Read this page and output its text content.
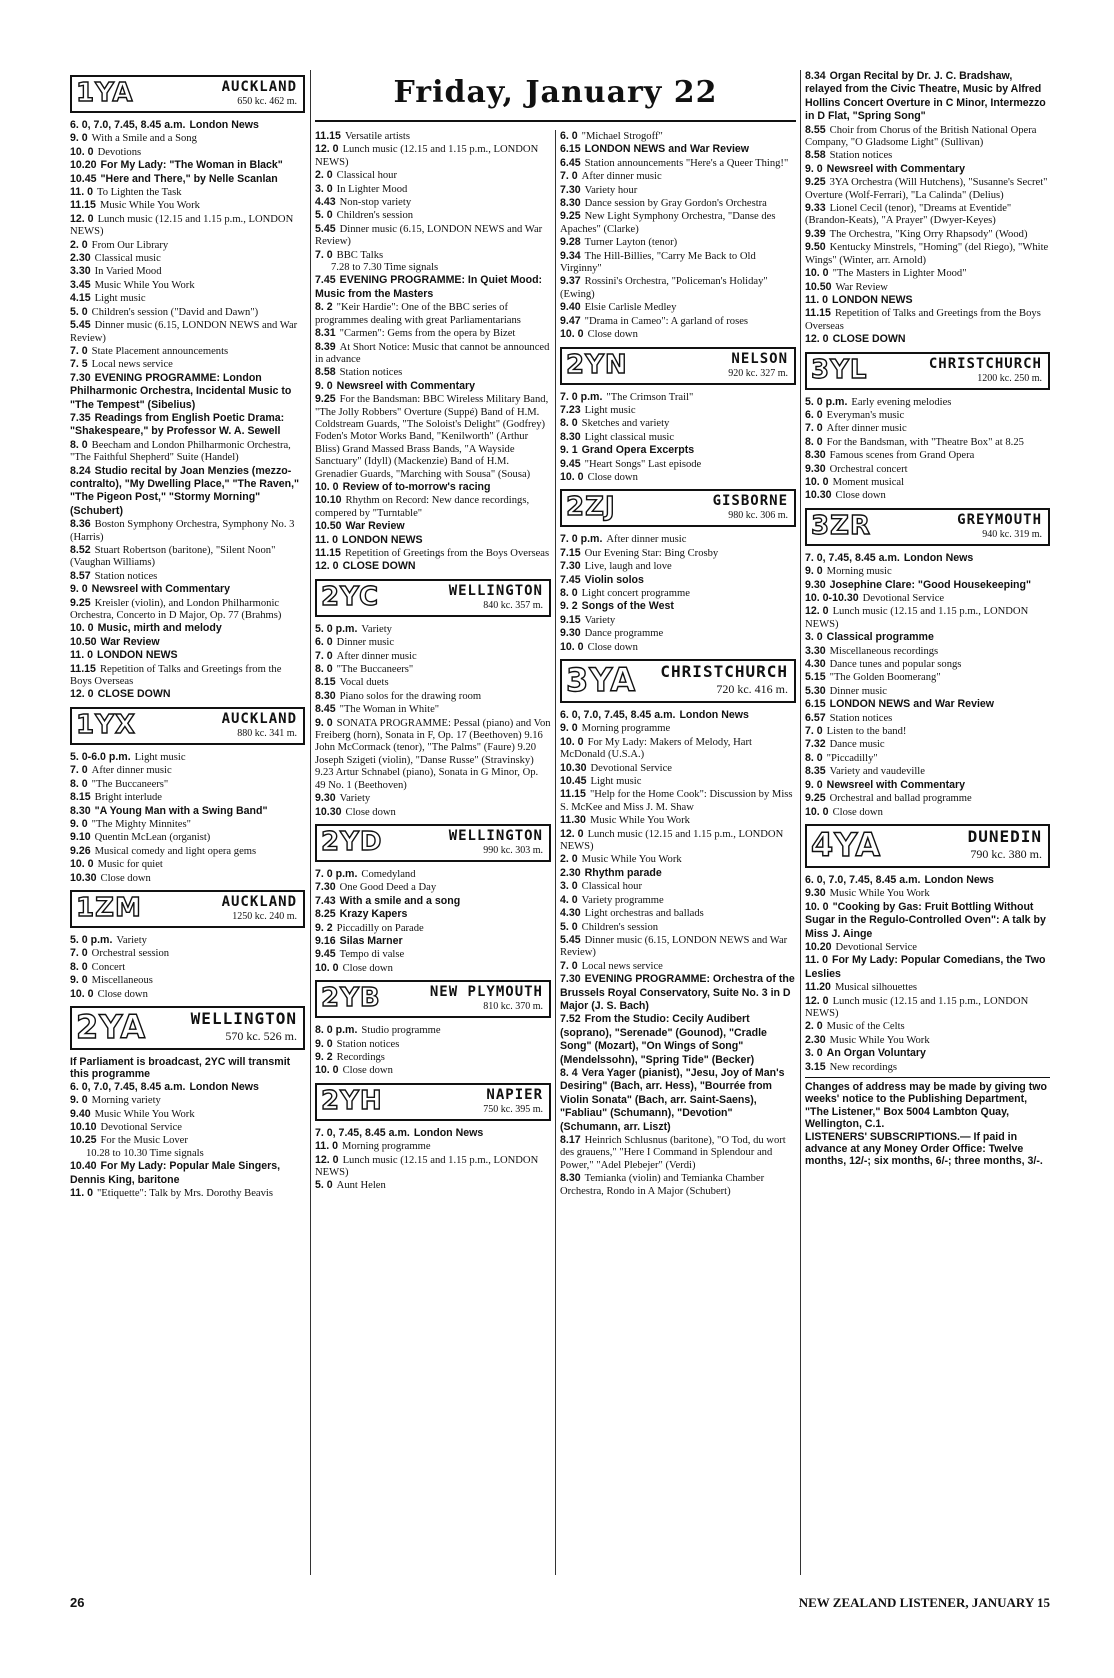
Friday, January 22
1YA	AUCKLAND
650 kc. 462 m.

6. 0, 7.0, 7.45, 8.45 a.m. London News

9. 0 With a Smile and a Song

10. 0 Devotions

10.20 For My Lady: "The Woman in Black"

10.45 "Here and There," by Nelle Scanlan

11. 0 To Lighten the Task

11.15 Music While You Work

12. 0 Lunch music (12.15 and 1.15 p.m., LONDON NEWS)

2. 0 From Our Library

2.30 Classical music

3.30 In Varied Mood

3.45 Music While You Work

4.15 Light music

5. 0 Children's session ("David and Dawn")

5.45 Dinner music (6.15, LONDON NEWS and War Review)

7. 0 State Placement announcements

7. 5 Local news service

7.30 EVENING PROGRAMME: London Philharmonic Orchestra, Incidental Music to "The Tempest" (Sibelius)

7.35 Readings from English Poetic Drama: "Shakespeare," by Professor W. A. Sewell

8. 0 Beecham and London Philharmonic Orchestra, "The Faithful Shepherd" Suite (Handel)

8.24 Studio recital by Joan Menzies (mezzo-contralto), "My Dwelling Place," "The Raven," "The Pigeon Post," "Stormy Morning" (Schubert)

8.36 Boston Symphony Orchestra, Symphony No. 3 (Harris)

8.52 Stuart Robertson (baritone), "Silent Noon" (Vaughan Williams)

8.57 Station notices

9. 0 Newsreel with Commentary

9.25 Kreisler (violin), and London Philharmonic Orchestra, Concerto in D Major, Op. 77 (Brahms)

10. 0 Music, mirth and melody

10.50 War Review

11. 0 LONDON NEWS

11.15 Repetition of Talks and Greetings from the Boys Overseas

12. 0 CLOSE DOWN

1YX	AUCKLAND
880 kc. 341 m.

5. 0-6.0 p.m. Light music

7. 0 After dinner music

8. 0 "The Buccaneers"

8.15 Bright interlude

8.30 "A Young Man with a Swing Band"

9. 0 "The Mighty Minnites"

9.10 Quentin McLean (organist)

9.26 Musical comedy and light opera gems

10. 0 Music for quiet

10.30 Close down

1ZM	AUCKLAND
1250 kc. 240 m.

5. 0 p.m. Variety

7. 0 Orchestral session

8. 0 Concert

9. 0 Miscellaneous

10. 0 Close down

2YA	WELLINGTON
570 kc. 526 m.

If Parliament is broadcast, 2YC will transmit this programme

6. 0, 7.0, 7.45, 8.45 a.m. London News

9. 0 Morning variety

9.40 Music While You Work

10.10 Devotional Service

10.25 For the Music Lover

10.28 to 10.30 Time signals

10.40 For My Lady: Popular Male Singers, Dennis King, baritone

11. 0 "Etiquette": Talk by Mrs. Dorothy Beavis

11.15 Versatile artists

12. 0 Lunch music (12.15 and 1.15 p.m., LONDON NEWS)

2. 0 Classical hour

3. 0 In Lighter Mood

4.43 Non-stop variety

5. 0 Children's session

5.45 Dinner music (6.15, LONDON NEWS and War Review)

7. 0 BBC Talks

7.28 to 7.30 Time signals

7.45 EVENING PROGRAMME: In Quiet Mood: Music from the Masters

8. 2 "Keir Hardie": One of the BBC series of programmes dealing with great Parliamentarians

8.31 "Carmen": Gems from the opera by Bizet

8.39 At Short Notice: Music that cannot be announced in advance

8.58 Station notices

9. 0 Newsreel with Commentary

9.25 For the Bandsman: BBC Wireless Military Band, "The Jolly Robbers" Overture (Suppé) Band of H.M. Coldstream Guards, "The Soloist's Delight" (Godfrey) Foden's Motor Works Band, "Kenilworth" (Arthur Bliss) Grand Massed Brass Bands, "A Wayside Sanctuary" (Idyll) (Mackenzie) Band of H.M. Grenadier Guards, "Marching with Sousa" (Sousa)

10. 0 Review of to-morrow's racing

10.10 Rhythm on Record: New dance recordings, compered by "Turntable"

10.50 War Review

11. 0 LONDON NEWS

11.15 Repetition of Greetings from the Boys Overseas

12. 0 CLOSE DOWN

2YC	WELLINGTON
840 kc. 357 m.

5. 0 p.m. Variety

6. 0 Dinner music

7. 0 After dinner music

8. 0 "The Buccaneers"

8.15 Vocal duets

8.30 Piano solos for the drawing room

8.45 "The Woman in White"

9. 0 SONATA PROGRAMME: Pessal (piano) and Von Freiberg (horn), Sonata in F, Op. 17 (Beethoven) 9.16 John McCormack (tenor), "The Palms" (Faure) 9.20 Joseph Szigeti (violin), "Danse Russe" (Stravinsky) 9.23 Artur Schnabel (piano), Sonata in G Minor, Op. 49 No. 1 (Beethoven)

9.30 Variety

10.30 Close down

2YD	WELLINGTON
990 kc. 303 m.

7. 0 p.m. Comedyland

7.30 One Good Deed a Day

7.43 With a smile and a song

8.25 Krazy Kapers

9. 2 Piccadilly on Parade

9.16 Silas Marner

9.45 Tempo di valse

10. 0 Close down

2YB	NEW PLYMOUTH
810 kc. 370 m.

8. 0 p.m. Studio programme

9. 0 Station notices

9. 2 Recordings

10. 0 Close down

2YH	NAPIER
750 kc. 395 m.

7. 0, 7.45, 8.45 a.m. London News

11. 0 Morning programme

12. 0 Lunch music (12.15 and 1.15 p.m., LONDON NEWS)

5. 0 Aunt Helen

6. 0 "Michael Strogoff"

6.15 LONDON NEWS and War Review

6.45 Station announcements "Here's a Queer Thing!"

7. 0 After dinner music

7.30 Variety hour

8.30 Dance session by Gray Gordon's Orchestra

9.25 New Light Symphony Orchestra, "Danse des Apaches" (Clarke)

9.28 Turner Layton (tenor)

9.34 The Hill-Billies, "Carry Me Back to Old Virginny"

9.37 Rossini's Orchestra, "Policeman's Holiday" (Ewing)

9.40 Elsie Carlisle Medley

9.47 "Drama in Cameo": A garland of roses

10. 0 Close down

2YN	NELSON
920 kc. 327 m.

7. 0 p.m. "The Crimson Trail"

7.23 Light music

8. 0 Sketches and variety

8.30 Light classical music

9. 1 Grand Opera Excerpts

9.45 "Heart Songs" Last episode

10. 0 Close down

2ZJ	GISBORNE
980 kc. 306 m.

7. 0 p.m. After dinner music

7.15 Our Evening Star: Bing Crosby

7.30 Live, laugh and love

7.45 Violin solos

8. 0 Light concert programme

9. 2 Songs of the West

9.15 Variety

9.30 Dance programme

10. 0 Close down

3YA CHRISTCHURCH
720 kc. 416 m.

6. 0, 7.0, 7.45, 8.45 a.m. London News

9. 0 Morning programme

10. 0 For My Lady: Makers of Melody, Hart McDonald (U.S.A.)

10.30 Devotional Service

10.45 Light music

11.15 "Help for the Home Cook": Discussion by Miss S. McKee and Miss J. M. Shaw

11.30 Music While You Work

12. 0 Lunch music (12.15 and 1.15 p.m., LONDON NEWS)

2. 0 Music While You Work

2.30 Rhythm parade

3. 0 Classical hour

4. 0 Variety programme

4.30 Light orchestras and ballads

5. 0 Children's session

5.45 Dinner music (6.15, LONDON NEWS and War Review)

7. 0 Local news service

7.30 EVENING PROGRAMME: Orchestra of the Brussels Royal Conservatory, Suite No. 3 in D Major (J. S. Bach)

7.52 From the Studio: Cecily Audibert (soprano), "Serenade" (Gounod), "Cradle Song" (Mozart), "On Wings of Song" (Mendelssohn), "Spring Tide" (Becker)

8. 4 Vera Yager (pianist), "Jesu, Joy of Man's Desiring" (Bach, arr. Hess), "Bourrée from Violin Sonata" (Bach, arr. Saint-Saens), "Fabliau" (Schumann), "Devotion" (Schumann, arr. Liszt)

8.17 Heinrich Schlusnus (baritone), "O Tod, du wort des grauens," "Here I Command in Splendour and Power," "Adel Plebejer" (Verdi)

8.30 Temianka (violin) and Temianka Chamber Orchestra, Rondo in A Major (Schubert)

8.34 Organ Recital by Dr. J. C. Bradshaw, relayed from the Civic Theatre, Music by Alfred Hollins Concert Overture in C Minor, Intermezzo in D Flat, "Spring Song"

8.55 Choir from Chorus of the British National Opera Company, "O Gladsome Light" (Sullivan)

8.58 Station notices

9. 0 Newsreel with Commentary

9.25 3YA Orchestra (Will Hutchens), "Susanne's Secret" Overture (Wolf-Ferrari), "La Calinda" (Delius)

9.33 Lionel Cecil (tenor), "Dreams at Eventide" (Brandon-Keats), "A Prayer" (Dwyer-Keyes)

9.39 The Orchestra, "King Orry Rhapsody" (Wood)

9.50 Kentucky Minstrels, "Homing" (del Riego), "White Wings" (Winter, arr. Arnold)

10. 0 "The Masters in Lighter Mood"

10.50 War Review

11. 0 LONDON NEWS

11.15 Repetition of Talks and Greetings from the Boys Overseas

12. 0 CLOSE DOWN

3YL	CHRISTCHURCH
1200 kc. 250 m.

5. 0 p.m. Early evening melodies

6. 0 Everyman's music

7. 0 After dinner music

8. 0 For the Bandsman, with "Theatre Box" at 8.25

8.30 Famous scenes from Grand Opera

9.30 Orchestral concert

10. 0 Moment musical

10.30 Close down

3ZR	GREYMOUTH
940 kc. 319 m.

7. 0, 7.45, 8.45 a.m. London News

9. 0 Morning music

9.30 Josephine Clare: "Good Housekeeping"

10. 0-10.30 Devotional Service

12. 0 Lunch music (12.15 and 1.15 p.m., LONDON NEWS)

3. 0 Classical programme

3.30 Miscellaneous recordings

4.30 Dance tunes and popular songs

5.15 "The Golden Boomerang"

5.30 Dinner music

6.15 LONDON NEWS and War Review

6.57 Station notices

7. 0 Listen to the band!

7.32 Dance music

8. 0 "Piccadilly"

8.35 Variety and vaudeville

9. 0 Newsreel with Commentary

9.25 Orchestral and ballad programme

10. 0 Close down

4YA	DUNEDIN
790 kc. 380 m.

6. 0, 7.0, 7.45, 8.45 a.m. London News

9.30 Music While You Work

10. 0 "Cooking by Gas: Fruit Bottling Without Sugar in the Regulo-Controlled Oven": A talk by Miss J. Ainge

10.20 Devotional Service

11. 0 For My Lady: Popular Comedians, the Two Leslies

11.20 Musical silhouettes

12. 0 Lunch music (12.15 and 1.15 p.m., LONDON NEWS)

2. 0 Music of the Celts

2.30 Music While You Work

3. 0 An Organ Voluntary

3.15 New recordings

Changes of address may be made by giving two weeks' notice to the Publishing Department, "The Listener," Box 5004 Lambton Quay, Wellington, C.1.

LISTENERS' SUBSCRIPTIONS.— If paid in advance at any Money Order Office: Twelve months, 12/-; six months, 6/-; three months, 3/-.

26	NEW ZEALAND LISTENER, JANUARY 15
